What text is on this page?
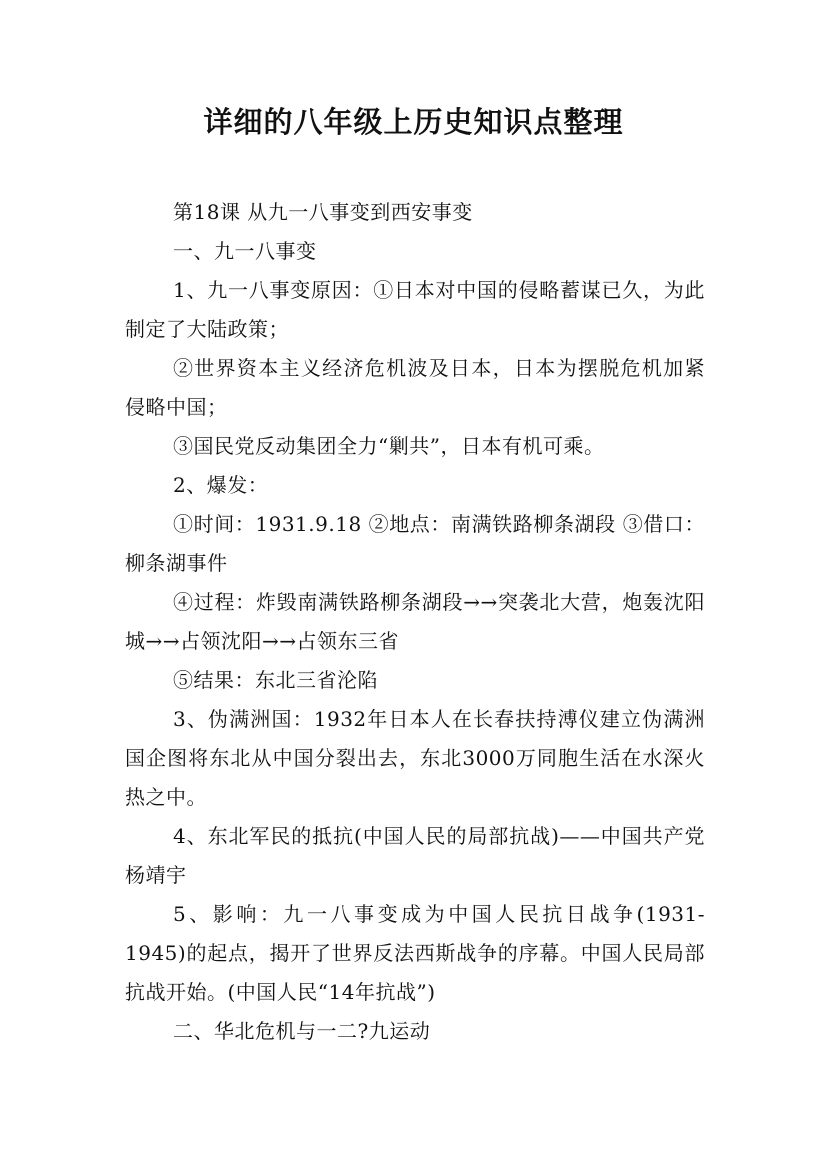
详细的八年级上历史知识点整理

第18课 从九一八事变到西安事变

一、九一八事变

1、九一八事变原因：①日本对中国的侵略蓄谋已久，为此制定了大陆政策；

②世界资本主义经济危机波及日本，日本为摆脱危机加紧侵略中国；

③国民党反动集团全力“剿共”，日本有机可乘。

2、爆发：

①时间：1931.9.18 ②地点：南满铁路柳条湖段 ③借口：柳条湖事件

④过程：炸毁南满铁路柳条湖段→→突袭北大营，炮轰沈阳城→→占领沈阳→→占领东三省

⑤结果：东北三省沦陷

3、伪满洲国：1932年日本人在长春扶持溥仪建立伪满洲国企图将东北从中国分裂出去，东北3000万同胞生活在水深火热之中。

4、东北军民的抵抗(中国人民的局部抗战)——中国共产党杨靖宇

5、影响：九一八事变成为中国人民抗日战争(1931-1945)的起点，揭开了世界反法西斯战争的序幕。中国人民局部抗战开始。(中国人民“14年抗战”)

二、华北危机与一二?九运动
